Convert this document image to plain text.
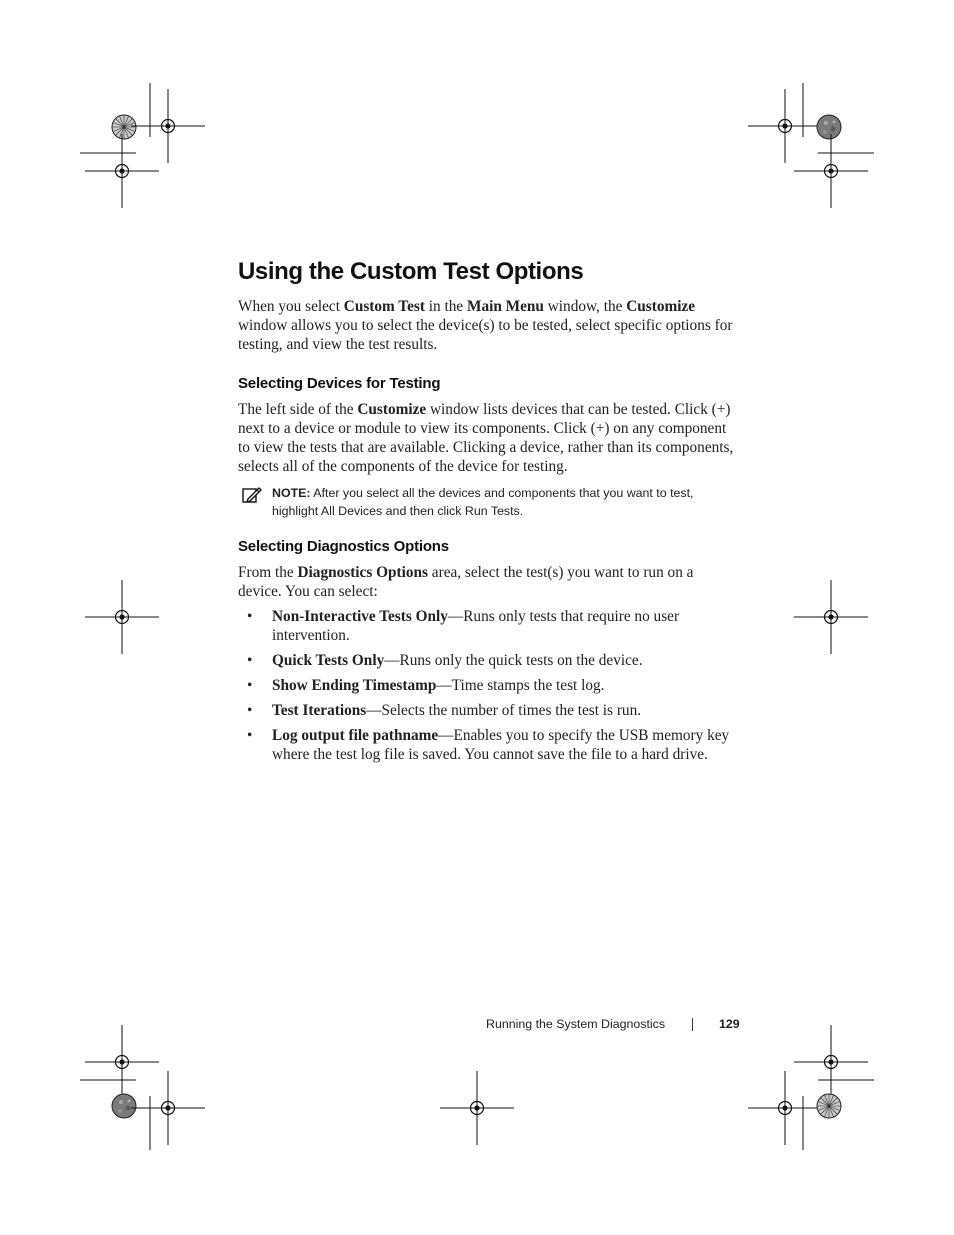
Using the Custom Test Options

When you select Custom Test in the Main Menu window, the Customize window allows you to select the device(s) to be tested, select specific options for testing, and view the test results.

Selecting Devices for Testing

The left side of the Customize window lists devices that can be tested. Click (+) next to a device or module to view its components. Click (+) on any component to view the tests that are available. Clicking a device, rather than its components, selects all of the components of the device for testing.

NOTE: After you select all the devices and components that you want to test, highlight All Devices and then click Run Tests.
Selecting Diagnostics Options

From the Diagnostics Options area, select the test(s) you want to run on a device. You can select:

• Non-Interactive Tests Only—Runs only tests that require no user intervention.
• Quick Tests Only—Runs only the quick tests on the device.
• Show Ending Timestamp—Time stamps the test log.
• Test Iterations—Selects the number of times the test is run.
• Log output file pathname—Enables you to specify the USB memory key where the test log file is saved. You cannot save the file to a hard drive.
Running the System Diagnostics	129
